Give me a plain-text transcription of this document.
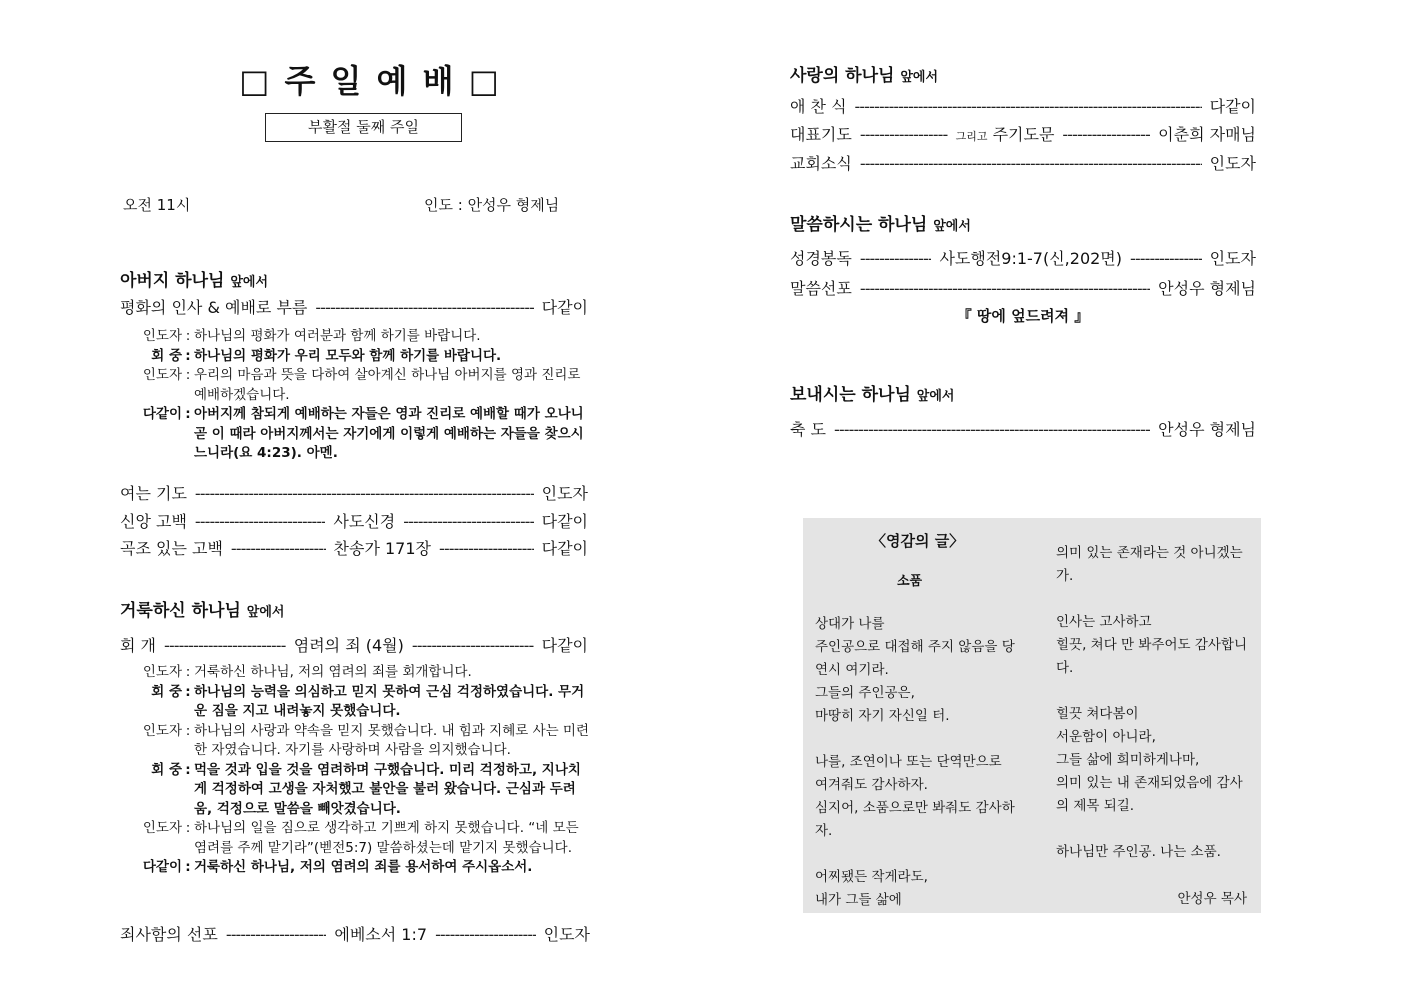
□ 주 일 예 배 □
부활절 둘째 주일
오전 11시	인도 : 안성우 형제님
아버지 하나님 앞에서
평화의 인사 & 예배로 부름 - - -	다같이
인도자 : 하나님의 평화가 여러분과 함께 하기를 바랍니다.
회 중 : 하나님의 평화가 우리 모두와 함께 하기를 바랍니다.
인도자 : 우리의 마음과 뜻을 다하여 살아계신 하나님 아버지를 영과 진리로 예배하겠습니다.
다같이 : 아버지께 참되게 예배하는 자들은 영과 진리로 예배할 때가 오나니 곧 이 때라 아버지께서는 자기에게 이렇게 예배하는 자들을 찾으시느니라(요 4:23). 아멘.
여는 기도 - - -	인도자
신앙 고백 - - -	사도신경 - - -	다같이
곡조 있는 고백 - - -	찬송가 171장 - - -	다같이
거룩하신 하나님 앞에서
회 개 - - -	염려의 죄 (4월) - - -	다같이
인도자 : 거룩하신 하나님, 저의 염려의 죄를 회개합니다.
회 중 : 하나님의 능력을 의심하고 믿지 못하여 근심 걱정하였습니다. 무거운 짐을 지고 내려놓지 못했습니다.
인도자 : 하나님의 사랑과 약속을 믿지 못했습니다. 내 힘과 지혜로 사는 미련한 자였습니다. 자기를 사랑하며 사람을 의지했습니다.
회 중 : 먹을 것과 입을 것을 염려하며 구했습니다. 미리 걱정하고, 지나치게 걱정하여 고생을 자처했고 불안을 불러 왔습니다. 근심과 두려움, 걱정으로 말씀을 빼앗겼습니다.
인도자 : 하나님의 일을 짐으로 생각하고 기쁘게 하지 못했습니다. “네 모든 염려를 주께 맡기라”(벧전5:7) 말씀하셨는데 맡기지 못했습니다.
다같이 : 거룩하신 하나님, 저의 염려의 죄를 용서하여 주시옵소서.
죄사함의 선포 - - -	에베소서 1:7 - - -	인도자
사랑의 하나님 앞에서
애 찬 식 - - -	다같이
대표기도 - - -	그리고 주기도문 - - -	이춘희 자매님
교회소식 - - -	인도자
말씀하시는 하나님 앞에서
성경봉독 - - -	사도행전9:1-7(신,202면) - - -	인도자
말씀선포 - - -	안성우 형제님
『 땅에 엎드려져 』
보내시는 하나님 앞에서
축 도 - - -	안성우 형제님
〈영감의 글〉
소품

상대가 나를

주인공으로 대접해 주지 않음을 당연시 여기라.

그들의 주인공은,

마땅히 자기 자신일 터.

나를, 조연이나 또는 단역만으로 여겨줘도 감사하자.

심지어, 소품으로만 봐줘도 감사하자.

어찌됐든 작게라도,

내가 그들 삶에

의미 있는 존재라는 것 아니겠는가.

인사는 고사하고

힐끗, 쳐다 만 봐주어도 감사합니다.

힐끗 쳐다봄이

서운함이 아니라,

그들 삶에 희미하게나마,

의미 있는 내 존재되었음에 감사의 제목 되길.

하나님만 주인공. 나는 소품.

안성우 목사
